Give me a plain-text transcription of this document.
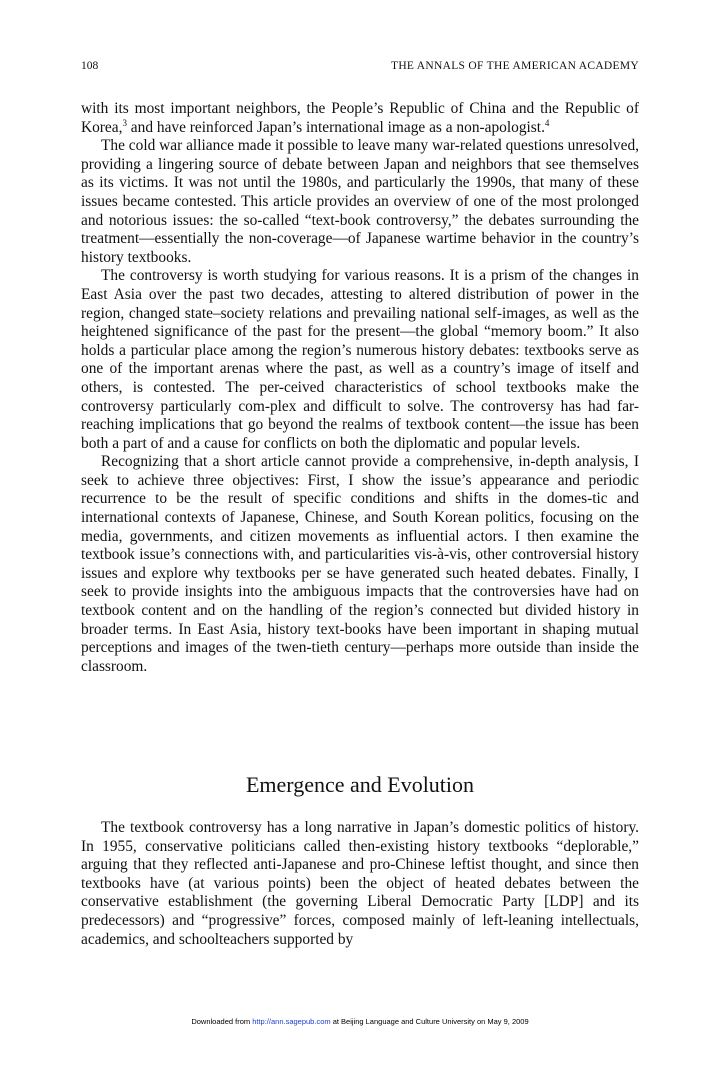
108	THE ANNALS OF THE AMERICAN ACADEMY

with its most important neighbors, the People’s Republic of China and the Republic of Korea,$^3$ and have reinforced Japan’s international image as a non-apologist.$^4$

The cold war alliance made it possible to leave many war-related questions unresolved, providing a lingering source of debate between Japan and neighbors that see themselves as its victims. It was not until the 1980s, and particularly the 1990s, that many of these issues became contested. This article provides an overview of one of the most prolonged and notorious issues: the so-called “text-book controversy,” the debates surrounding the treatment—essentially the non-coverage—of Japanese wartime behavior in the country’s history textbooks.

The controversy is worth studying for various reasons. It is a prism of the changes in East Asia over the past two decades, attesting to altered distribution of power in the region, changed state–society relations and prevailing national self-images, as well as the heightened significance of the past for the present—the global “memory boom.” It also holds a particular place among the region’s numerous history debates: textbooks serve as one of the important arenas where the past, as well as a country’s image of itself and others, is contested. The per-ceived characteristics of school textbooks make the controversy particularly com-plex and difficult to solve. The controversy has had far-reaching implications that go beyond the realms of textbook content—the issue has been both a part of and a cause for conflicts on both the diplomatic and popular levels.

Recognizing that a short article cannot provide a comprehensive, in-depth analysis, I seek to achieve three objectives: First, I show the issue’s appearance and periodic recurrence to be the result of specific conditions and shifts in the domes-tic and international contexts of Japanese, Chinese, and South Korean politics, focusing on the media, governments, and citizen movements as influential actors. I then examine the textbook issue’s connections with, and particularities vis-à-vis, other controversial history issues and explore why textbooks per se have generated such heated debates. Finally, I seek to provide insights into the ambiguous impacts that the controversies have had on textbook content and on the handling of the region’s connected but divided history in broader terms. In East Asia, history text-books have been important in shaping mutual perceptions and images of the twen-tieth century—perhaps more outside than inside the classroom.

Emergence and Evolution

The textbook controversy has a long narrative in Japan’s domestic politics of history. In 1955, conservative politicians called then-existing history textbooks “deplorable,” arguing that they reflected anti-Japanese and pro-Chinese leftist thought, and since then textbooks have (at various points) been the object of heated debates between the conservative establishment (the governing Liberal Democratic Party [LDP] and its predecessors) and “progressive” forces, composed mainly of left-leaning intellectuals, academics, and schoolteachers supported by

Downloaded from http://ann.sagepub.com at Beijing Language and Culture University on May 9, 2009
